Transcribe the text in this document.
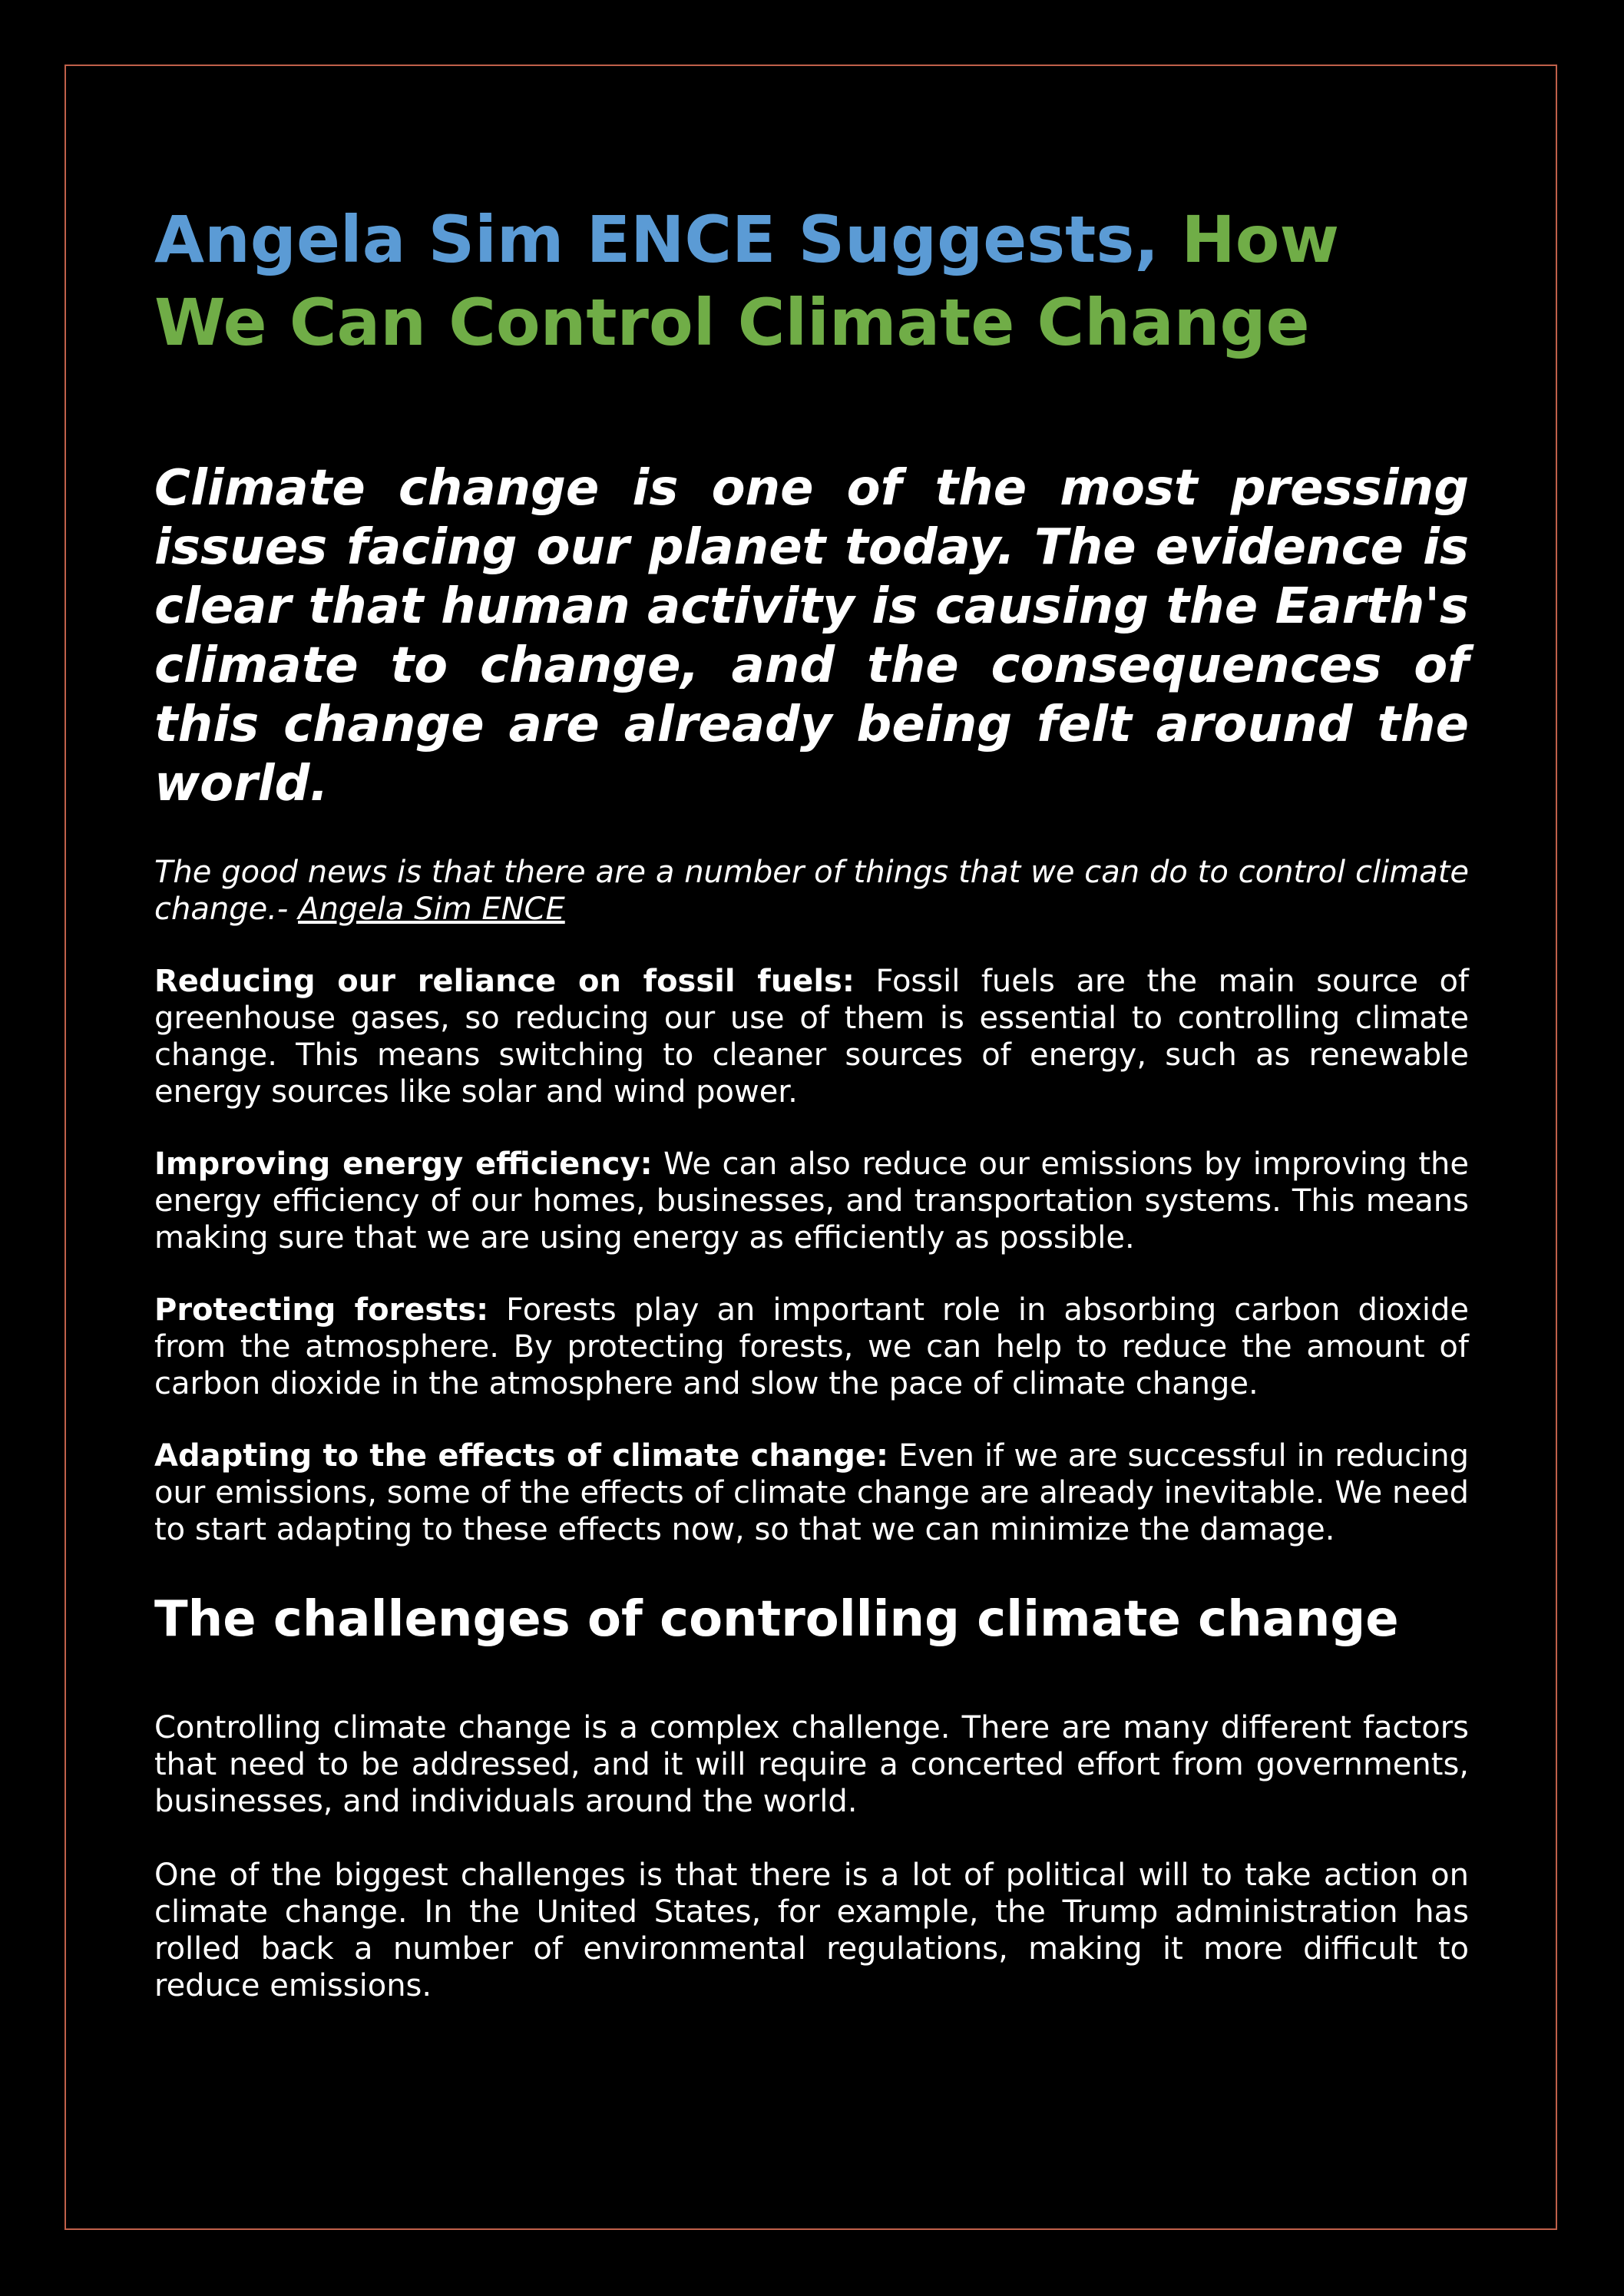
Angela Sim ENCE Suggests, How We Can Control Climate Change

Climate change is one of the most pressing issues facing our planet today. The evidence is clear that human activity is causing the Earth's climate to change, and the consequences of this change are already being felt around the world.

The good news is that there are a number of things that we can do to control climate change.- Angela Sim ENCE

Reducing our reliance on fossil fuels: Fossil fuels are the main source of greenhouse gases, so reducing our use of them is essential to controlling climate change. This means switching to cleaner sources of energy, such as renewable energy sources like solar and wind power.

Improving energy efficiency: We can also reduce our emissions by improving the energy efficiency of our homes, businesses, and transportation systems. This means making sure that we are using energy as efficiently as possible.

Protecting forests: Forests play an important role in absorbing carbon dioxide from the atmosphere. By protecting forests, we can help to reduce the amount of carbon dioxide in the atmosphere and slow the pace of climate change.

Adapting to the effects of climate change: Even if we are successful in reducing our emissions, some of the effects of climate change are already inevitable. We need to start adapting to these effects now, so that we can minimize the damage.

The challenges of controlling climate change

Controlling climate change is a complex challenge. There are many different factors that need to be addressed, and it will require a concerted effort from governments, businesses, and individuals around the world.

One of the biggest challenges is that there is a lot of political will to take action on climate change. In the United States, for example, the Trump administration has rolled back a number of environmental regulations, making it more difficult to reduce emissions.
